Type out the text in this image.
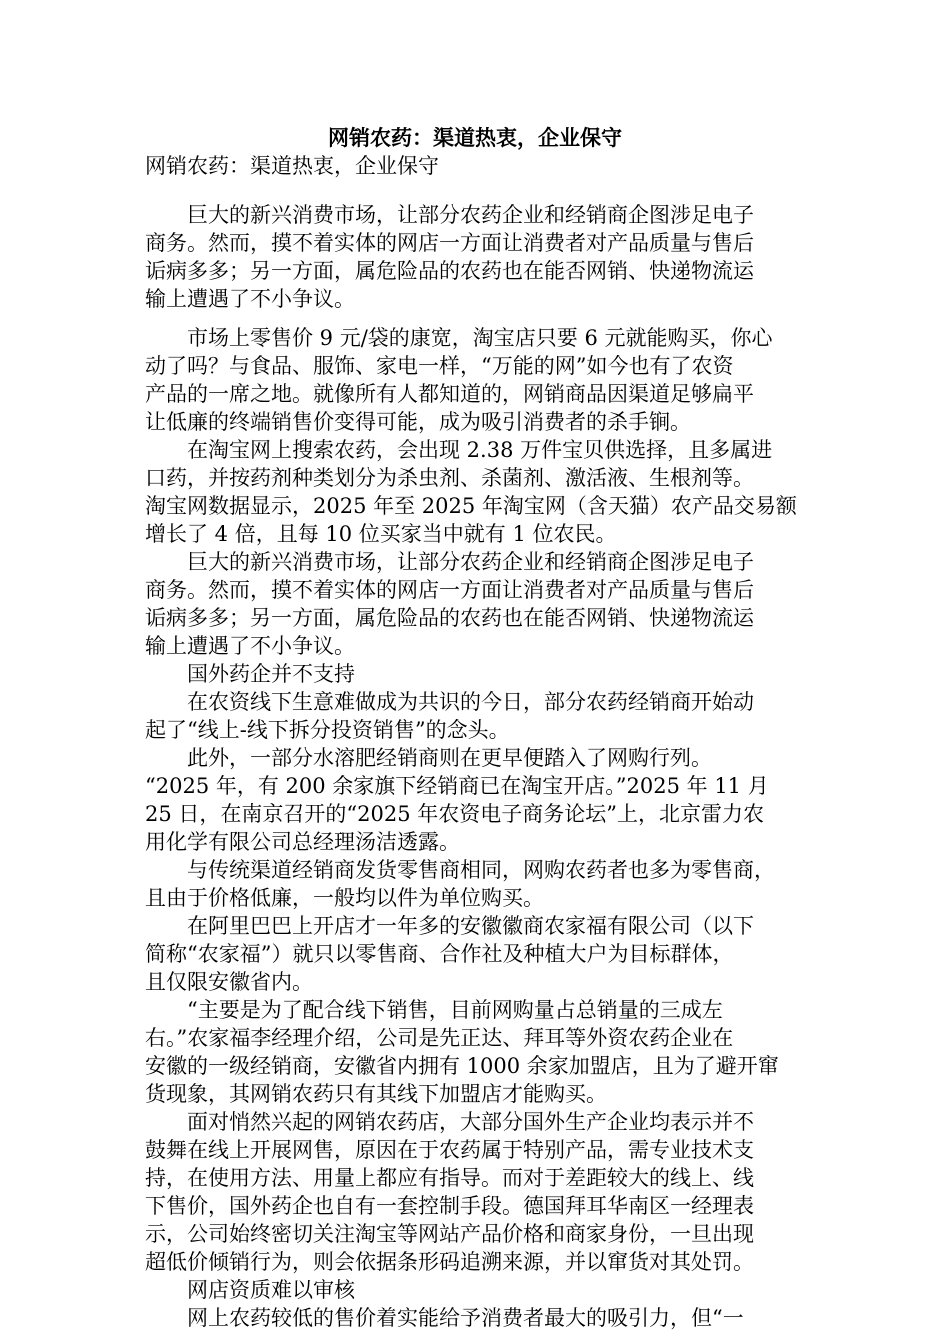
网销农药：渠道热衷，企业保守
网销农药：渠道热衷，企业保守
　　巨大的新兴消费市场，让部分农药企业和经销商企图涉足电子
商务。然而，摸不着实体的网店一方面让消费者对产品质量与售后
诟病多多；另一方面，属危险品的农药也在能否网销、快递物流运
输上遭遇了不小争议。
　　市场上零售价 9 元/袋的康宽，淘宝店只要 6 元就能购买，你心
动了吗？与食品、服饰、家电一样，“万能的网”如今也有了农资
产品的一席之地。就像所有人都知道的，网销商品因渠道足够扁平
让低廉的终端销售价变得可能，成为吸引消费者的杀手锏。
　　在淘宝网上搜索农药，会出现 2.38 万件宝贝供选择，且多属进
口药，并按药剂种类划分为杀虫剂、杀菌剂、激活液、生根剂等。
淘宝网数据显示，2025 年至 2025 年淘宝网（含天猫）农产品交易额
增长了 4 倍，且每 10 位买家当中就有 1 位农民。
　　巨大的新兴消费市场，让部分农药企业和经销商企图涉足电子
商务。然而，摸不着实体的网店一方面让消费者对产品质量与售后
诟病多多；另一方面，属危险品的农药也在能否网销、快递物流运
输上遭遇了不小争议。
　　国外药企并不支持
　　在农资线下生意难做成为共识的今日，部分农药经销商开始动
起了“线上-线下拆分投资销售”的念头。
　　此外，一部分水溶肥经销商则在更早便踏入了网购行列。
“2025 年，有 200 余家旗下经销商已在淘宝开店。”2025 年 11 月
25 日，在南京召开的“2025 年农资电子商务论坛”上，北京雷力农
用化学有限公司总经理汤洁透露。
　　与传统渠道经销商发货零售商相同，网购农药者也多为零售商，
且由于价格低廉，一般均以件为单位购买。
　　在阿里巴巴上开店才一年多的安徽徽商农家福有限公司（以下
简称“农家福”）就只以零售商、合作社及种植大户为目标群体，
且仅限安徽省内。
　　“主要是为了配合线下销售，目前网购量占总销量的三成左
右。”农家福李经理介绍，公司是先正达、拜耳等外资农药企业在
安徽的一级经销商，安徽省内拥有 1000 余家加盟店，且为了避开窜
货现象，其网销农药只有其线下加盟店才能购买。
　　面对悄然兴起的网销农药店，大部分国外生产企业均表示并不
鼓舞在线上开展网售，原因在于农药属于特别产品，需专业技术支
持，在使用方法、用量上都应有指导。而对于差距较大的线上、线
下售价，国外药企也自有一套控制手段。德国拜耳华南区一经理表
示，公司始终密切关注淘宝等网站产品价格和商家身份，一旦出现
超低价倾销行为，则会依据条形码追溯来源，并以窜货对其处罚。
　　网店资质难以审核
　　网上农药较低的售价着实能给予消费者最大的吸引力，但“一
